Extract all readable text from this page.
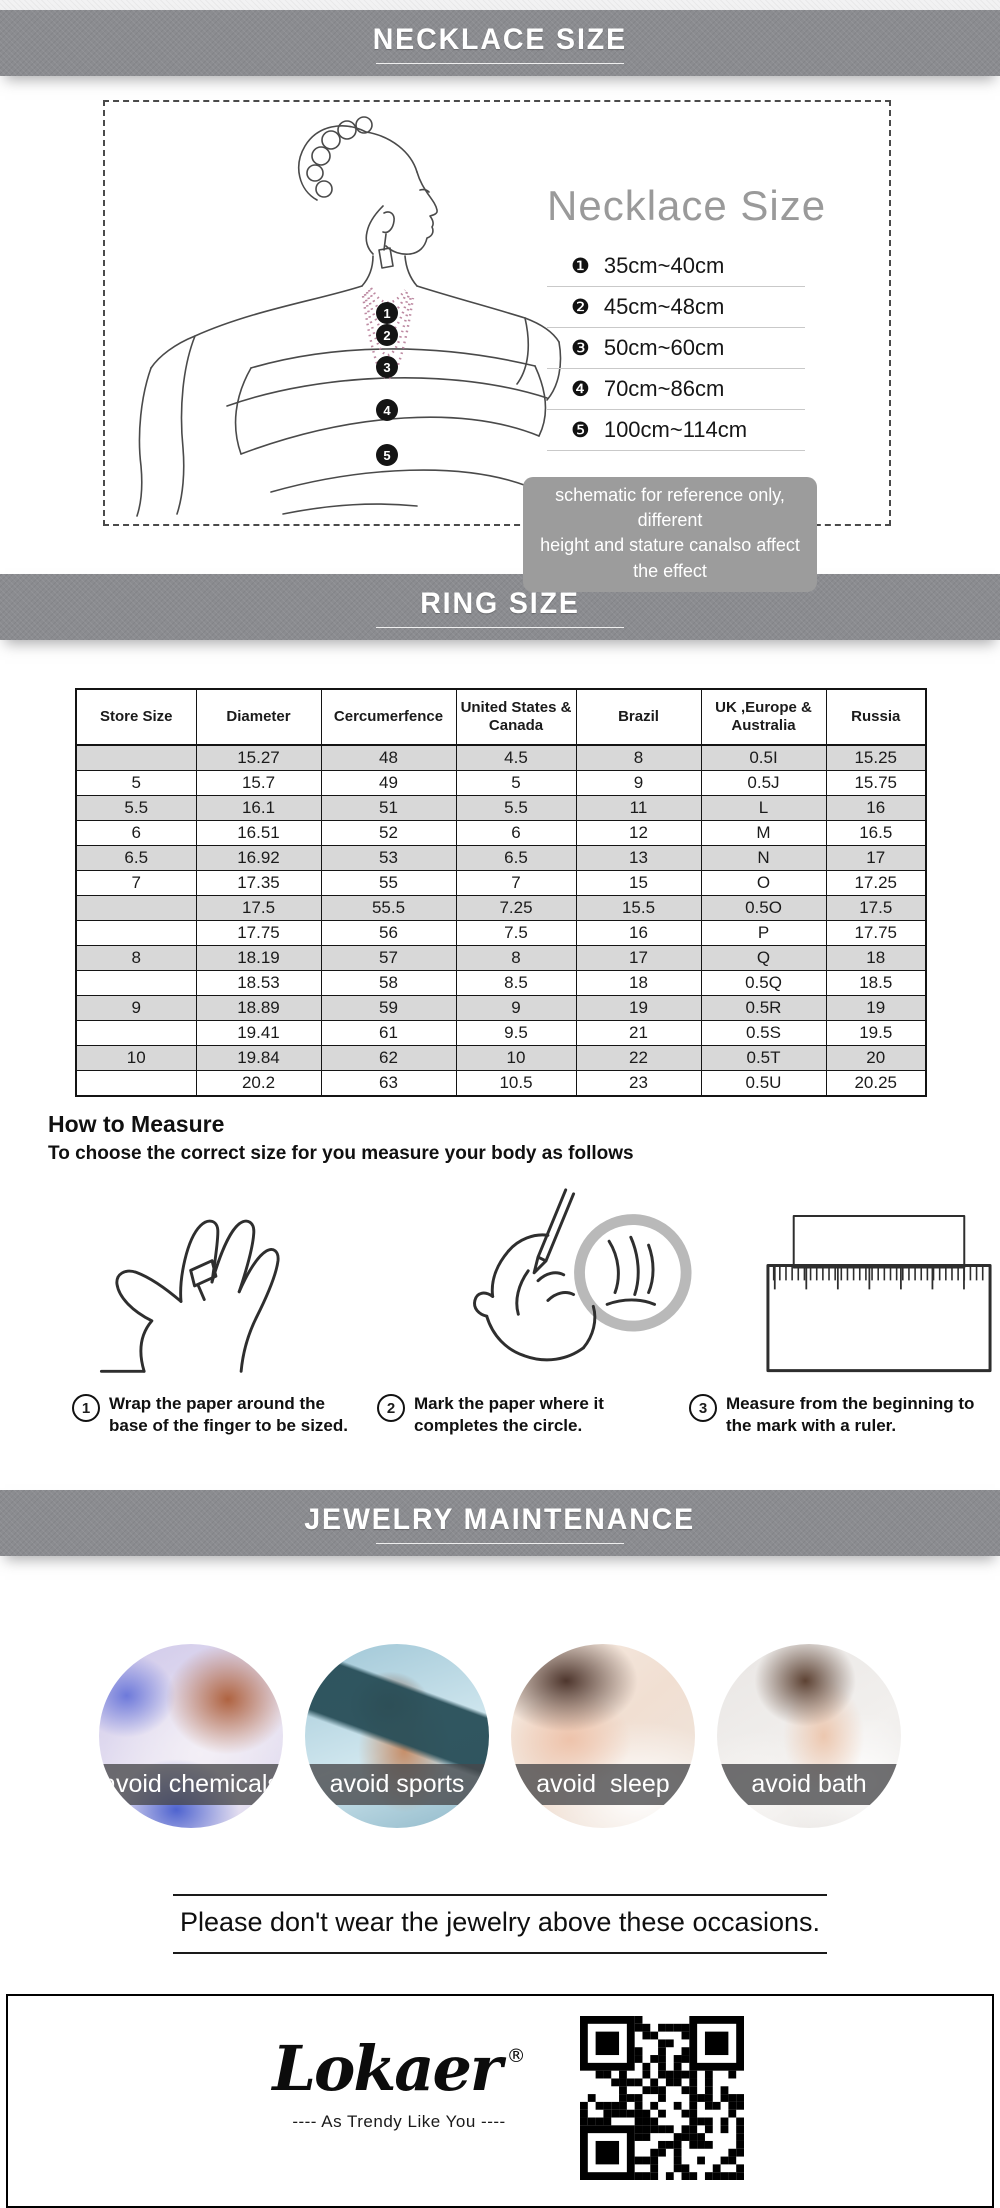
NECKLACE SIZE
1
2
3
4
5
Necklace Size
❶ 35cm~40cm
❷ 45cm~48cm
❸ 50cm~60cm
❹ 70cm~86cm
❺ 100cm~114cm
schematic for reference only, different
height and stature canalso affect the effect
RING SIZE
Store Size	Diameter	Cercumerfence	United States & Canada	Brazil	UK ,Europe & Australia	Russia
	15.27	48	4.5	8	0.5I	15.25
5	15.7	49	5	9	0.5J	15.75
5.5	16.1	51	5.5	11	L	16
6	16.51	52	6	12	M	16.5
6.5	16.92	53	6.5	13	N	17
7	17.35	55	7	15	O	17.25
	17.5	55.5	7.25	15.5	0.5O	17.5
	17.75	56	7.5	16	P	17.75
8	18.19	57	8	17	Q	18
	18.53	58	8.5	18	0.5Q	18.5
9	18.89	59	9	19	0.5R	19
	19.41	61	9.5	21	0.5S	19.5
10	19.84	62	10	22	0.5T	20
	20.2	63	10.5	23	0.5U	20.25
How to Measure

To choose the correct size for you measure your body as follows

1	Wrap the paper around the
base of the finger to be sized.
2	Mark the paper where it
completes the circle.
3	Measure from the beginning to
the mark with a ruler.
JEWELRY MAINTENANCE
avoid chemicals avoid sports	avoid  sleep	avoid bath
Please don't wear the jewelry above these occasions.
Lokaer ®
---- As Trendy Like You ----
